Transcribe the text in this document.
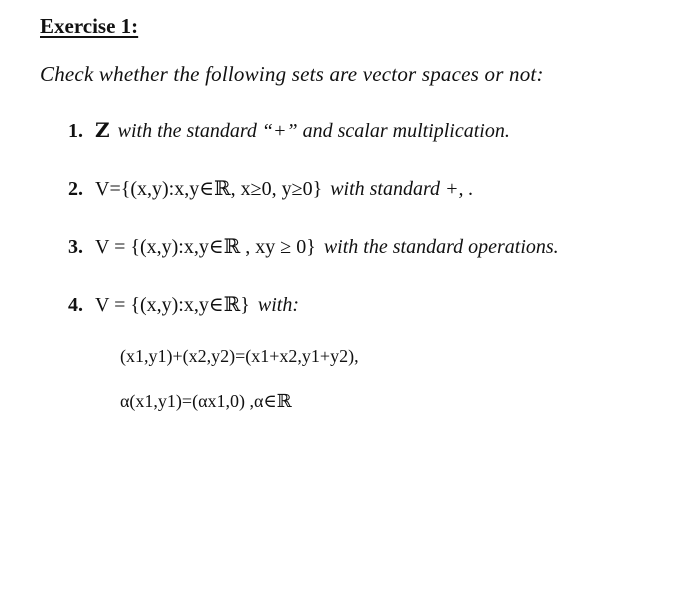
Exercise 1:
Check whether the following sets are vector spaces or not:
1. Z with the standard “+” and scalar multiplication.
2. V={(x,y):x,y∈ℝ, x≥0, y≥0} with standard +, .
3. V = {(x,y):x,y∈ℝ , xy ≥ 0} with the standard operations.
4. V = {(x,y):x,y∈ℝ} with:
(x1,y1)+(x2,y2)=(x1+x2,y1+y2),
α(x1,y1)=(αx1,0) ,α∈ℝ
